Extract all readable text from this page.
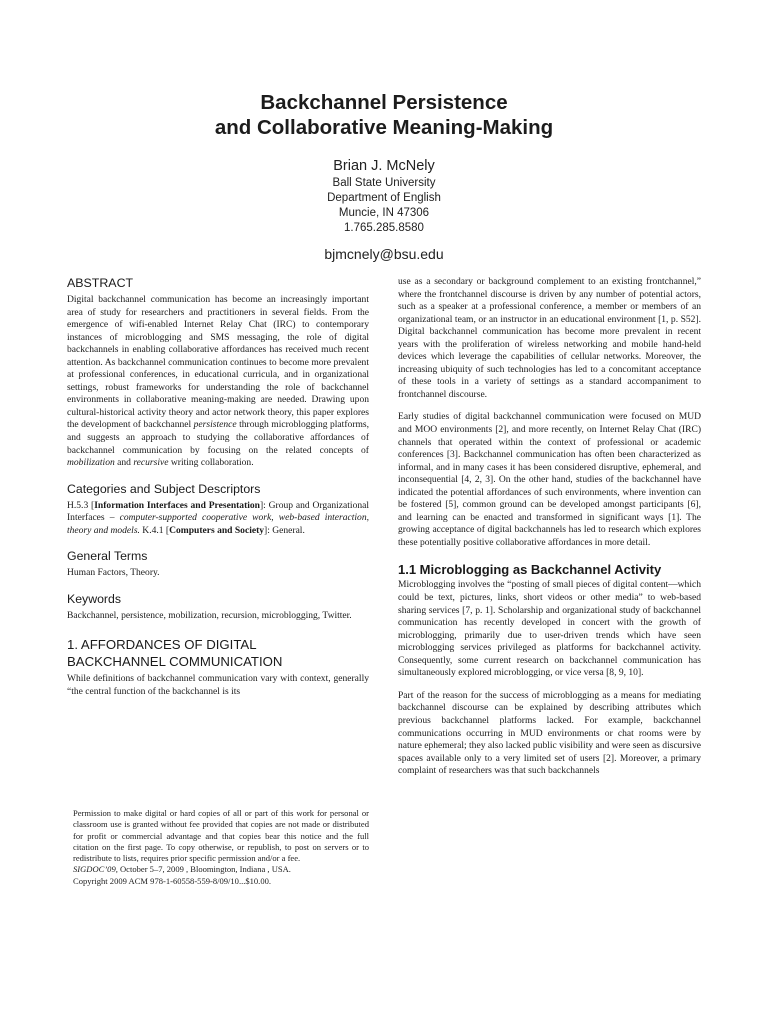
Backchannel Persistence
and Collaborative Meaning-Making
Brian J. McNely
Ball State University
Department of English
Muncie, IN 47306
1.765.285.8580
bjmcnely@bsu.edu
ABSTRACT

Digital backchannel communication has become an increasingly important area of study for researchers and practitioners in several fields. From the emergence of wifi-enabled Internet Relay Chat (IRC) to contemporary instances of microblogging and SMS messaging, the role of digital backchannels in enabling collaborative affordances has received much recent attention. As backchannel communication continues to become more prevalent at professional conferences, in educational curricula, and in organizational settings, robust frameworks for understanding the role of backchannel environments in collaborative meaning-making are needed. Drawing upon cultural-historical activity theory and actor network theory, this paper explores the development of backchannel persistence through microblogging platforms, and suggests an approach to studying the collaborative affordances of backchannel communication by focusing on the related concepts of mobilization and recursive writing collaboration.

Categories and Subject Descriptors

H.5.3 [Information Interfaces and Presentation]: Group and Organizational Interfaces – computer-supported cooperative work, web-based interaction, theory and models. K.4.1 [Computers and Society]: General.

General Terms

Human Factors, Theory.

Keywords

Backchannel, persistence, mobilization, recursion, microblogging, Twitter.

1. AFFORDANCES OF DIGITAL
BACKCHANNEL COMMUNICATION

While definitions of backchannel communication vary with context, generally “the central function of the backchannel is its

Permission to make digital or hard copies of all or part of this work for personal or classroom use is granted without fee provided that copies are not made or distributed for profit or commercial advantage and that copies bear this notice and the full citation on the first page. To copy otherwise, or republish, to post on servers or to redistribute to lists, requires prior specific permission and/or a fee.

SIGDOC’09, October 5–7, 2009 , Bloomington, Indiana , USA.

Copyright 2009 ACM 978-1-60558-559-8/09/10...$10.00.

use as a secondary or background complement to an existing frontchannel,” where the frontchannel discourse is driven by any number of potential actors, such as a speaker at a professional conference, a member or members of an organizational team, or an instructor in an educational environment [1, p. S52]. Digital backchannel communication has become more prevalent in recent years with the proliferation of wireless networking and mobile hand-held devices which leverage the capabilities of cellular networks. Moreover, the increasing ubiquity of such technologies has led to a concomitant acceptance of these tools in a variety of settings as a standard accompaniment to frontchannel discourse.

Early studies of digital backchannel communication were focused on MUD and MOO environments [2], and more recently, on Internet Relay Chat (IRC) channels that operated within the context of professional or academic conferences [3]. Backchannel communication has often been characterized as informal, and in many cases it has been considered disruptive, ephemeral, and inconsequential [4, 2, 3]. On the other hand, studies of the backchannel have indicated the potential affordances of such environments, where invention can be fostered [5], common ground can be developed amongst participants [6], and learning can be enacted and transformed in significant ways [1]. The growing acceptance of digital backchannels has led to research which explores these potentially positive collaborative affordances in more detail.

1.1 Microblogging as Backchannel Activity

Microblogging involves the “posting of small pieces of digital content—which could be text, pictures, links, short videos or other media” to web-based sharing services [7, p. 1]. Scholarship and organizational study of backchannel communication has recently developed in concert with the growth of microblogging, primarily due to user-driven trends which have seen microblogging services privileged as platforms for backchannel activity. Consequently, some current research on backchannel communication has simultaneously explored microblogging, or vice versa [8, 9, 10].

Part of the reason for the success of microblogging as a means for mediating backchannel discourse can be explained by describing attributes which previous backchannel platforms lacked. For example, backchannel communications occurring in MUD environments or chat rooms were by nature ephemeral; they also lacked public visibility and were seen as discursive spaces available only to a very limited set of users [2]. Moreover, a primary complaint of researchers was that such backchannels
